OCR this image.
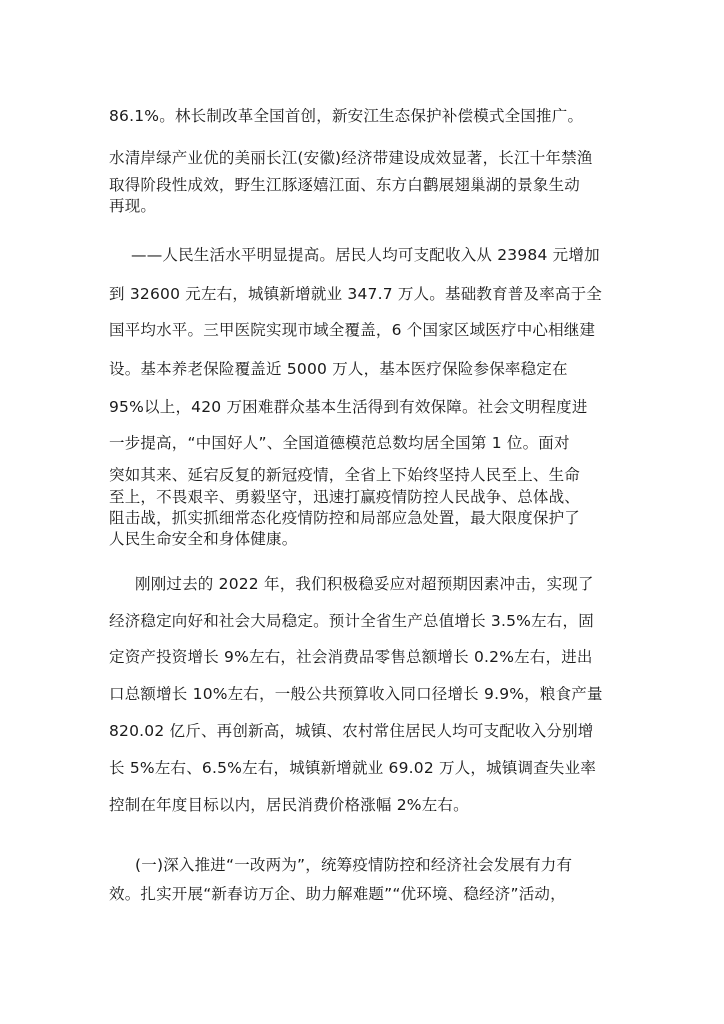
86.1%。林长制改革全国首创，新安江生态保护补偿模式全国推广。
水清岸绿产业优的美丽长江(安徽)经济带建设成效显著，长江十年禁渔
取得阶段性成效，野生江豚逐嬉江面、东方白鹳展翅巢湖的景象生动
再现。
——人民生活水平明显提高。居民人均可支配收入从 23984 元增加
到 32600 元左右，城镇新增就业 347.7 万人。基础教育普及率高于全
国平均水平。三甲医院实现市域全覆盖，6 个国家区域医疗中心相继建
设。基本养老保险覆盖近 5000 万人，基本医疗保险参保率稳定在
95%以上，420 万困难群众基本生活得到有效保障。社会文明程度进
一步提高，“中国好人”、全国道德模范总数均居全国第 1 位。面对
突如其来、延宕反复的新冠疫情，全省上下始终坚持人民至上、生命
至上，不畏艰辛、勇毅坚守，迅速打赢疫情防控人民战争、总体战、
阻击战，抓实抓细常态化疫情防控和局部应急处置，最大限度保护了
人民生命安全和身体健康。
刚刚过去的 2022 年，我们积极稳妥应对超预期因素冲击，实现了
经济稳定向好和社会大局稳定。预计全省生产总值增长 3.5%左右，固
定资产投资增长 9%左右，社会消费品零售总额增长 0.2%左右，进出
口总额增长 10%左右，一般公共预算收入同口径增长 9.9%，粮食产量
820.02 亿斤、再创新高，城镇、农村常住居民人均可支配收入分别增
长 5%左右、6.5%左右，城镇新增就业 69.02 万人，城镇调查失业率
控制在年度目标以内，居民消费价格涨幅 2%左右。
(一)深入推进“一改两为”，统筹疫情防控和经济社会发展有力有
效。扎实开展“新春访万企、助力解难题”“优环境、稳经济”活动，
